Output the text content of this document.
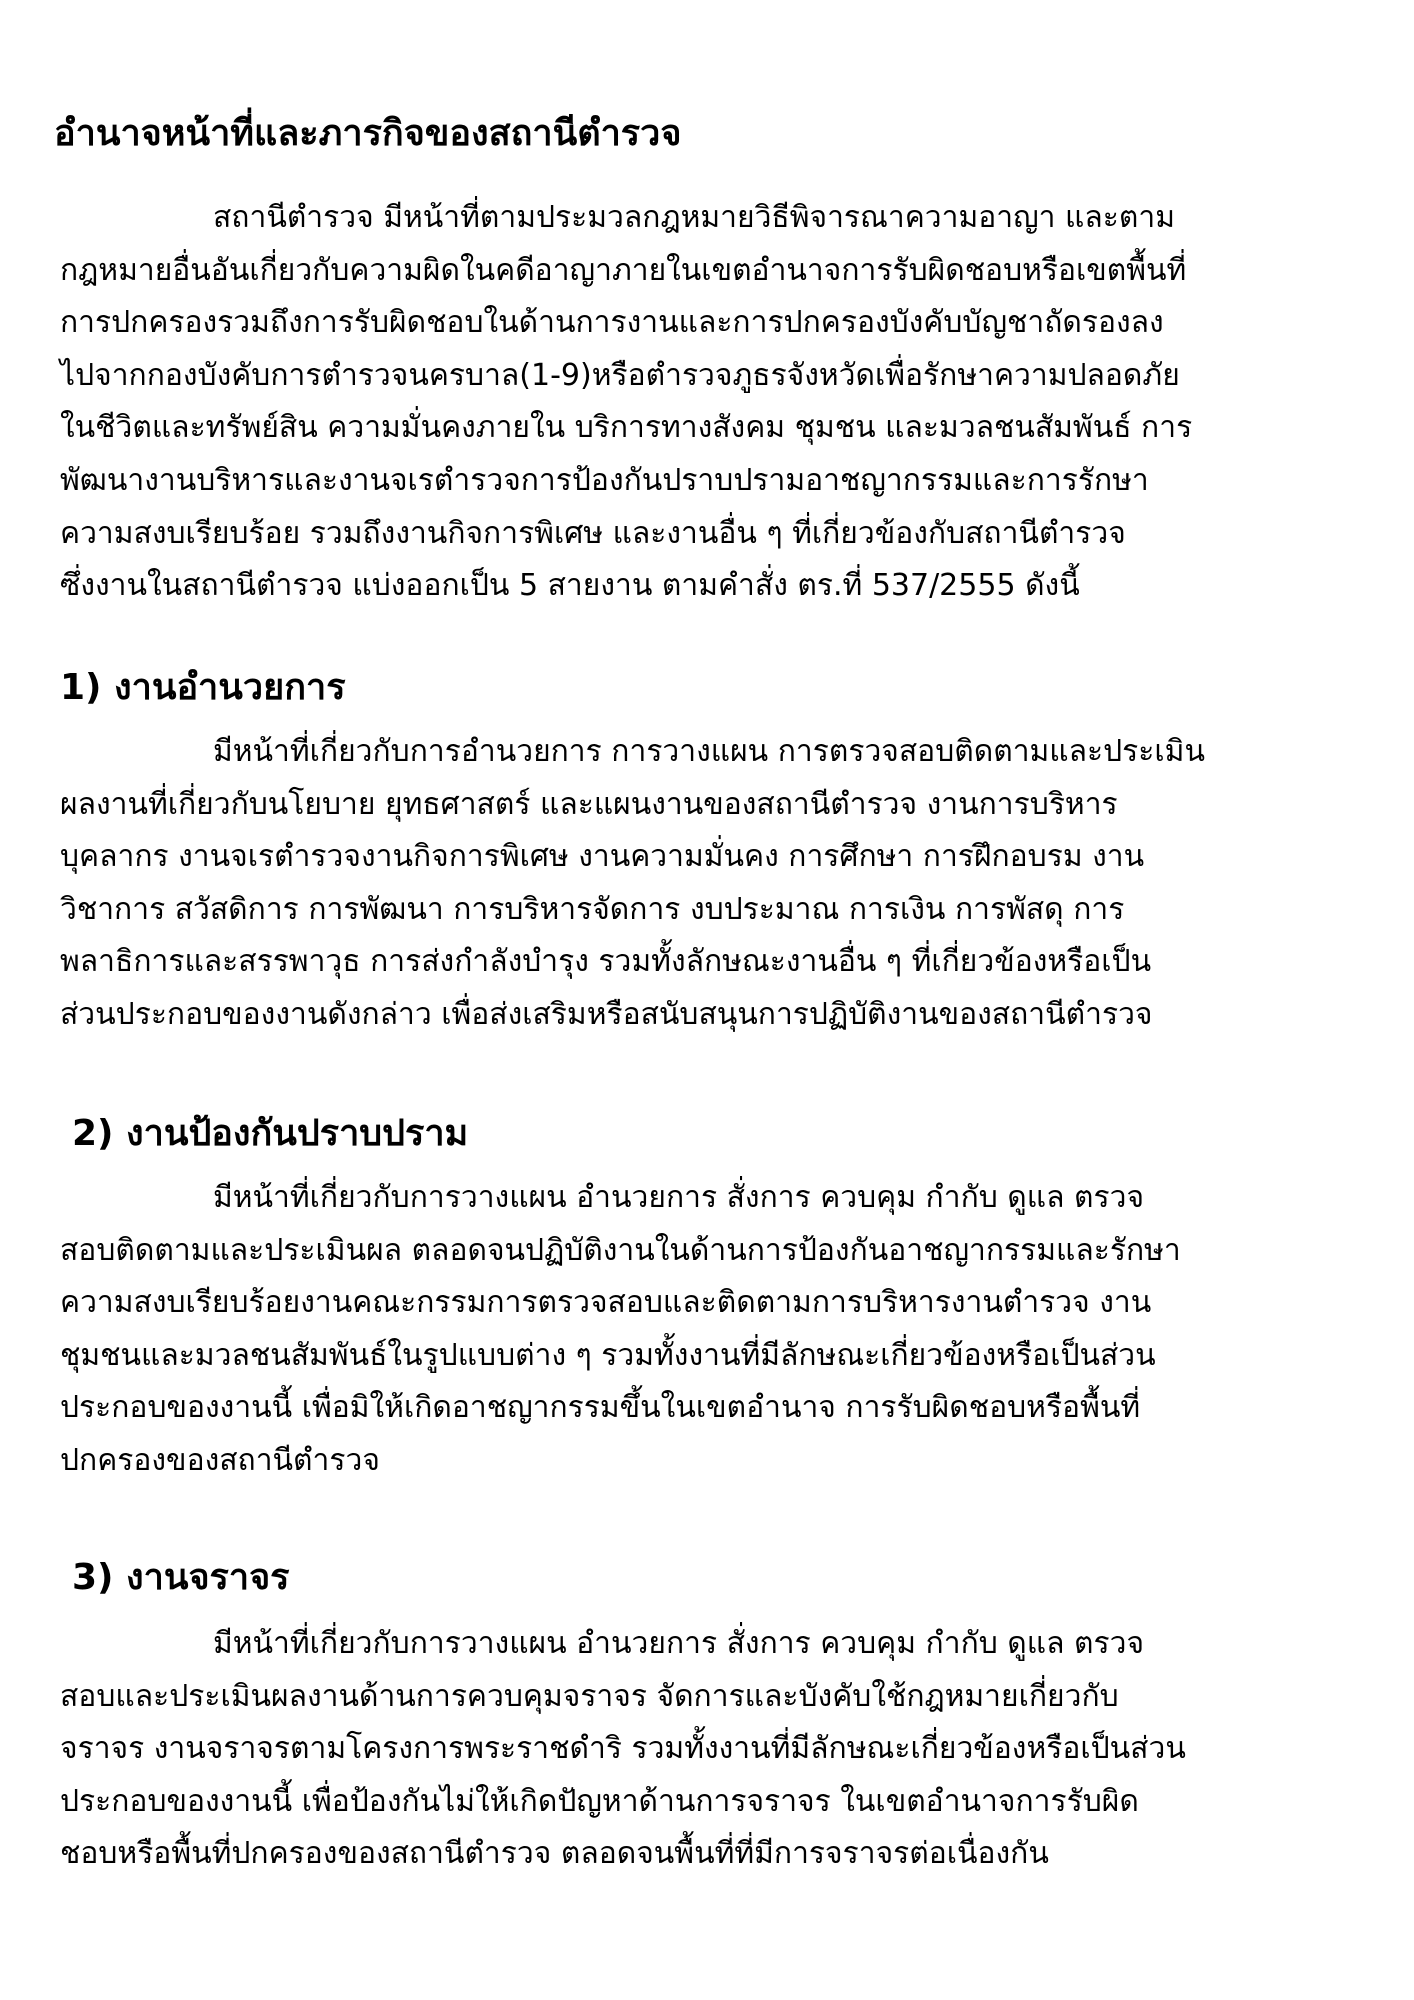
อำนาจหน้าที่และภารกิจของสถานีตำรวจ
สถานีตำรวจ มีหน้าที่ตามประมวลกฎหมายวิธีพิจารณาความอาญา และตาม
กฎหมายอื่นอันเกี่ยวกับความผิดในคดีอาญาภายในเขตอำนาจการรับผิดชอบหรือเขตพื้นที่
การปกครองรวมถึงการรับผิดชอบในด้านการงานและการปกครองบังคับบัญชาถัดรองลง
ไปจากกองบังคับการตำรวจนครบาล(1-9)หรือตำรวจภูธรจังหวัดเพื่อรักษาความปลอดภัย
ในชีวิตและทรัพย์สิน ความมั่นคงภายใน บริการทางสังคม ชุมชน และมวลชนสัมพันธ์ การ
พัฒนางานบริหารและงานจเรตำรวจการป้องกันปราบปรามอาชญากรรมและการรักษา
ความสงบเรียบร้อย รวมถึงงานกิจการพิเศษ และงานอื่น ๆ ที่เกี่ยวข้องกับสถานีตำรวจ
ซึ่งงานในสถานีตำรวจ แบ่งออกเป็น 5 สายงาน ตามคำสั่ง ตร.ที่ 537/2555 ดังนี้
1) งานอำนวยการ
มีหน้าที่เกี่ยวกับการอำนวยการ การวางแผน การตรวจสอบติดตามและประเมิน
ผลงานที่เกี่ยวกับนโยบาย ยุทธศาสตร์ และแผนงานของสถานีตำรวจ งานการบริหาร
บุคลากร งานจเรตำรวจงานกิจการพิเศษ งานความมั่นคง การศึกษา การฝึกอบรม งาน
วิชาการ สวัสดิการ การพัฒนา การบริหารจัดการ งบประมาณ การเงิน การพัสดุ การ
พลาธิการและสรรพาวุธ การส่งกำลังบำรุง รวมทั้งลักษณะงานอื่น ๆ ที่เกี่ยวข้องหรือเป็น
ส่วนประกอบของงานดังกล่าว เพื่อส่งเสริมหรือสนับสนุนการปฏิบัติงานของสถานีตำรวจ
2) งานป้องกันปราบปราม
มีหน้าที่เกี่ยวกับการวางแผน อำนวยการ สั่งการ ควบคุม กำกับ ดูแล ตรวจ
สอบติดตามและประเมินผล ตลอดจนปฏิบัติงานในด้านการป้องกันอาชญากรรมและรักษา
ความสงบเรียบร้อยงานคณะกรรมการตรวจสอบและติดตามการบริหารงานตำรวจ งาน
ชุมชนและมวลชนสัมพันธ์ในรูปแบบต่าง ๆ รวมทั้งงานที่มีลักษณะเกี่ยวข้องหรือเป็นส่วน
ประกอบของงานนี้ เพื่อมิให้เกิดอาชญากรรมขึ้นในเขตอำนาจ การรับผิดชอบหรือพื้นที่
ปกครองของสถานีตำรวจ
3) งานจราจร
มีหน้าที่เกี่ยวกับการวางแผน อำนวยการ สั่งการ ควบคุม กำกับ ดูแล ตรวจ
สอบและประเมินผลงานด้านการควบคุมจราจร จัดการและบังคับใช้กฎหมายเกี่ยวกับ
จราจร งานจราจรตามโครงการพระราชดำริ รวมทั้งงานที่มีลักษณะเกี่ยวข้องหรือเป็นส่วน
ประกอบของงานนี้ เพื่อป้องกันไม่ให้เกิดปัญหาด้านการจราจร ในเขตอำนาจการรับผิด
ชอบหรือพื้นที่ปกครองของสถานีตำรวจ ตลอดจนพื้นที่ที่มีการจราจรต่อเนื่องกัน
